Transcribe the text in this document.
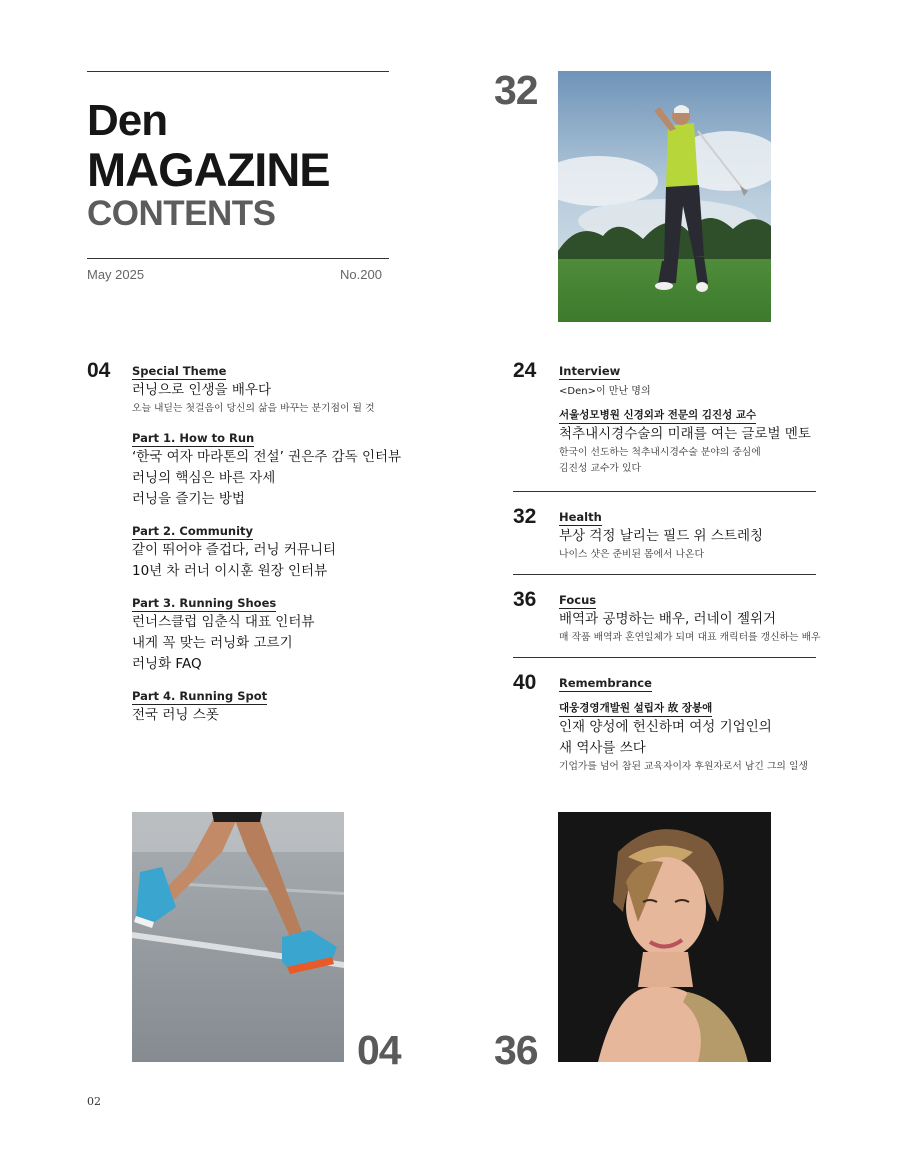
Den
MAGAZINE
CONTENTS
May 2025	No.200
32
04 Special Theme
러닝으로 인생을 배우다
오늘 내딛는 첫걸음이 당신의 삶을 바꾸는 분기점이 될 것
Part 1. How to Run
‘한국 여자 마라톤의 전설’ 권은주 감독 인터뷰
러닝의 핵심은 바른 자세
러닝을 즐기는 방법
Part 2. Community
같이 뛰어야 즐겁다, 러닝 커뮤니티
10년 차 러너 이시훈 원장 인터뷰
Part 3. Running Shoes
런너스클럽 임춘식 대표 인터뷰
내게 꼭 맞는 러닝화 고르기
러닝화 FAQ
Part 4. Running Spot
전국 러닝 스폿
24 Interview
<Den>이 만난 명의
서울성모병원 신경외과 전문의 김진성 교수
척추내시경수술의 미래를 여는 글로벌 멘토
한국이 선도하는 척추내시경수술 분야의 중심에
김진성 교수가 있다
32 Health
부상 걱정 날리는 필드 위 스트레칭
나이스 샷은 준비된 몸에서 나온다
36 Focus
배역과 공명하는 배우, 러네이 젤위거
매 작품 배역과 혼연일체가 되며 대표 캐릭터를 갱신하는 배우
40 Remembrance
대웅경영개발원 설립자 故 장봉애
인재 양성에 헌신하며 여성 기업인의
새 역사를 쓰다
기업가를 넘어 참된 교육자이자 후원자로서 남긴 그의 일생
04 36
02
